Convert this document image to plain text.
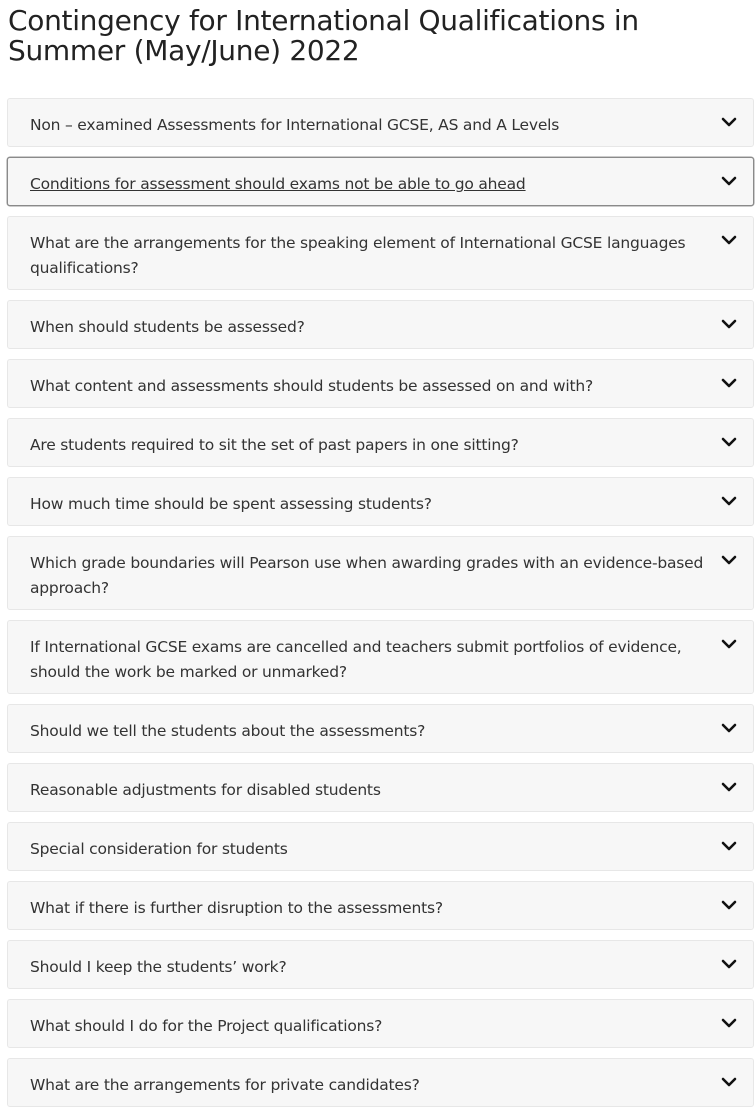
Contingency for International Qualifications in Summer (May/June) 2022
Non – examined Assessments for International GCSE, AS and A Levels
Conditions for assessment should exams not be able to go ahead
What are the arrangements for the speaking element of International GCSE languages qualifications?
When should students be assessed?
What content and assessments should students be assessed on and with?
Are students required to sit the set of past papers in one sitting?
How much time should be spent assessing students?
Which grade boundaries will Pearson use when awarding grades with an evidence-based approach?
If International GCSE exams are cancelled and teachers submit portfolios of evidence, should the work be marked or unmarked?
Should we tell the students about the assessments?
Reasonable adjustments for disabled students
Special consideration for students
What if there is further disruption to the assessments?
Should I keep the students’ work?
What should I do for the Project qualifications?
What are the arrangements for private candidates?
